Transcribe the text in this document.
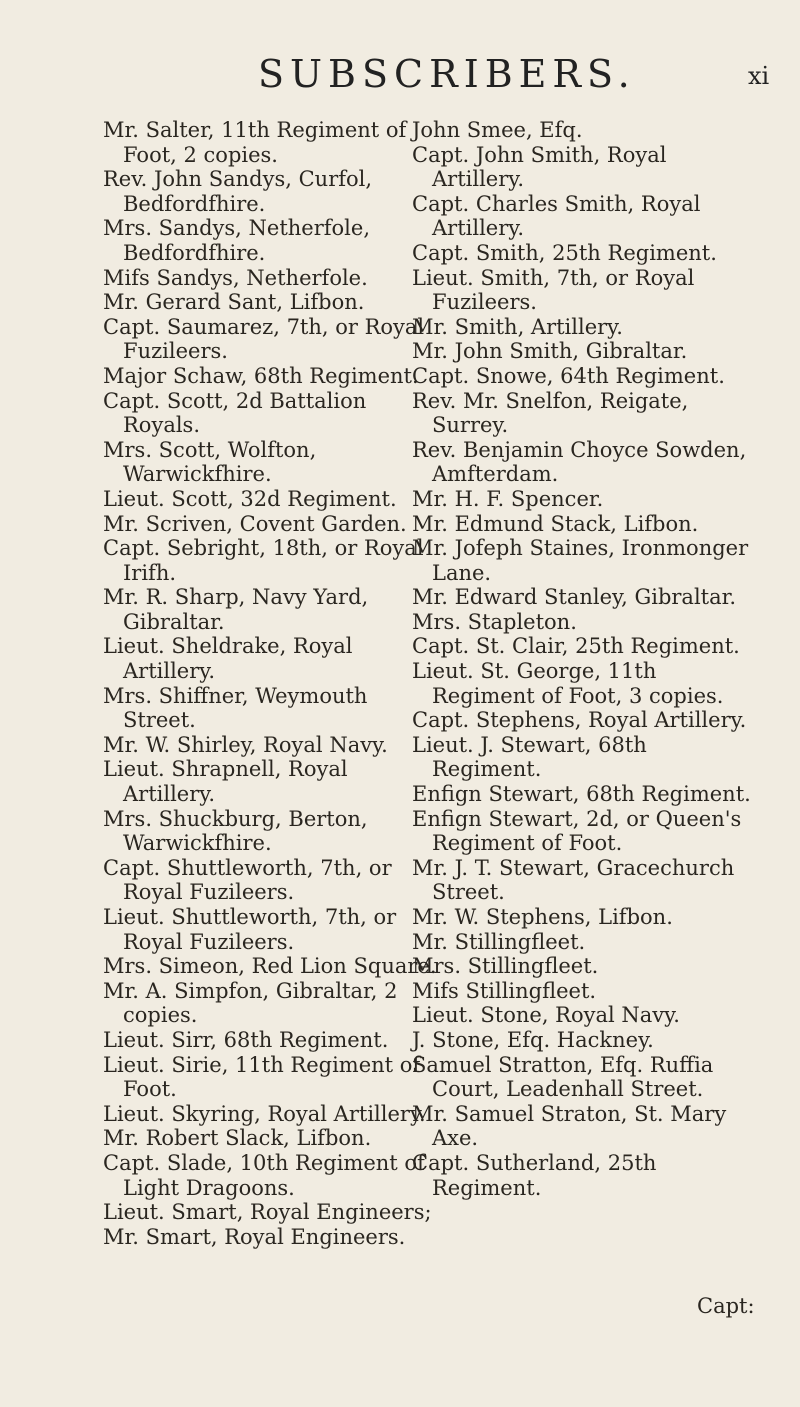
SUBSCRIBERS.	xi

Mr. Salter, 11th Regiment of Foot, 2 copies.

Rev. John Sandys, Curfol, Bedfordfhire.

Mrs. Sandys, Netherfole, Bedfordfhire.

Mifs Sandys, Netherfole.

Mr. Gerard Sant, Lifbon.

Capt. Saumarez, 7th, or Royal Fuzileers.

Major Schaw, 68th Regiment.

Capt. Scott, 2d Battalion Royals.

Mrs. Scott, Wolfton, Warwickfhire.

Lieut. Scott, 32d Regiment.

Mr. Scriven, Covent Garden.

Capt. Sebright, 18th, or Royal Irifh.

Mr. R. Sharp, Navy Yard, Gibraltar.

Lieut. Sheldrake, Royal Artillery.

Mrs. Shiffner, Weymouth Street.

Mr. W. Shirley, Royal Navy.

Lieut. Shrapnell, Royal Artillery.

Mrs. Shuckburg, Berton, Warwickfhire.

Capt. Shuttleworth, 7th, or Royal Fuzileers.

Lieut. Shuttleworth, 7th, or Royal Fuzileers.

Mrs. Simeon, Red Lion Square.

Mr. A. Simpfon, Gibraltar, 2 copies.

Lieut. Sirr, 68th Regiment.

Lieut. Sirie, 11th Regiment of Foot.

Lieut. Skyring, Royal Artillery.

Mr. Robert Slack, Lifbon.

Capt. Slade, 10th Regiment of Light Dragoons.

Lieut. Smart, Royal Engineers;

Mr. Smart, Royal Engineers.

John Smee, Efq.

Capt. John Smith, Royal Artillery.

Capt. Charles Smith, Royal Artillery.

Capt. Smith, 25th Regiment.

Lieut. Smith, 7th, or Royal Fuzileers.

Mr. Smith, Artillery.

Mr. John Smith, Gibraltar.

Capt. Snowe, 64th Regiment.

Rev. Mr. Snelfon, Reigate, Surrey.

Rev. Benjamin Choyce Sowden, Amfterdam.

Mr. H. F. Spencer.

Mr. Edmund Stack, Lifbon.

Mr. Jofeph Staines, Ironmonger Lane.

Mr. Edward Stanley, Gibraltar.

Mrs. Stapleton.

Capt. St. Clair, 25th Regiment.

Lieut. St. George, 11th Regiment of Foot, 3 copies.

Capt. Stephens, Royal Artillery.

Lieut. J. Stewart, 68th Regiment.

Enfign Stewart, 68th Regiment.

Enfign Stewart, 2d, or Queen's Regiment of Foot.

Mr. J. T. Stewart, Gracechurch Street.

Mr. W. Stephens, Lifbon.

Mr. Stillingfleet.

Mrs. Stillingfleet.

Mifs Stillingfleet.

Lieut. Stone, Royal Navy.

J. Stone, Efq. Hackney.

Samuel Stratton, Efq. Ruffia Court, Leadenhall Street.

Mr. Samuel Straton, St. Mary Axe.

Capt. Sutherland, 25th Regiment.

Capt:
